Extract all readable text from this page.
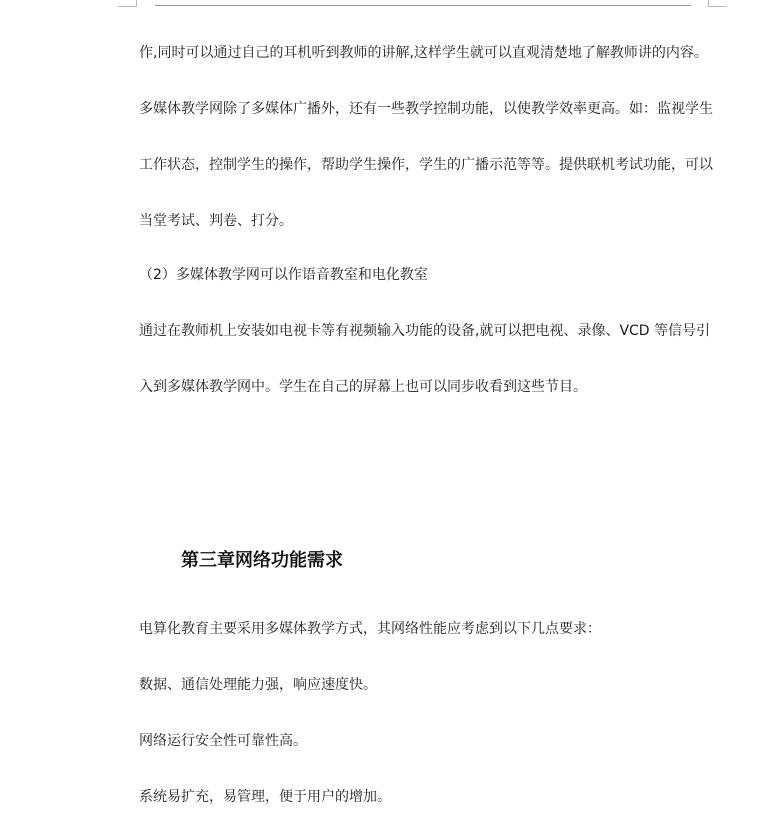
作,同时可以通过自己的耳机听到教师的讲解,这样学生就可以直观清楚地了解教师讲的内容。
多媒体教学网除了多媒体广播外，还有一些教学控制功能，以使教学效率更高。如：监视学生
工作状态，控制学生的操作，帮助学生操作，学生的广播示范等等。提供联机考试功能，可以
当堂考试、判卷、打分。
（2）多媒体教学网可以作语音教室和电化教室
通过在教师机上安装如电视卡等有视频输入功能的设备,就可以把电视、录像、VCD 等信号引
入到多媒体教学网中。学生在自己的屏幕上也可以同步收看到这些节目。
第三章网络功能需求
电算化教育主要采用多媒体教学方式，其网络性能应考虑到以下几点要求：
数据、通信处理能力强，响应速度快。
网络运行安全性可靠性高。
系统易扩充，易管理，便于用户的增加。
